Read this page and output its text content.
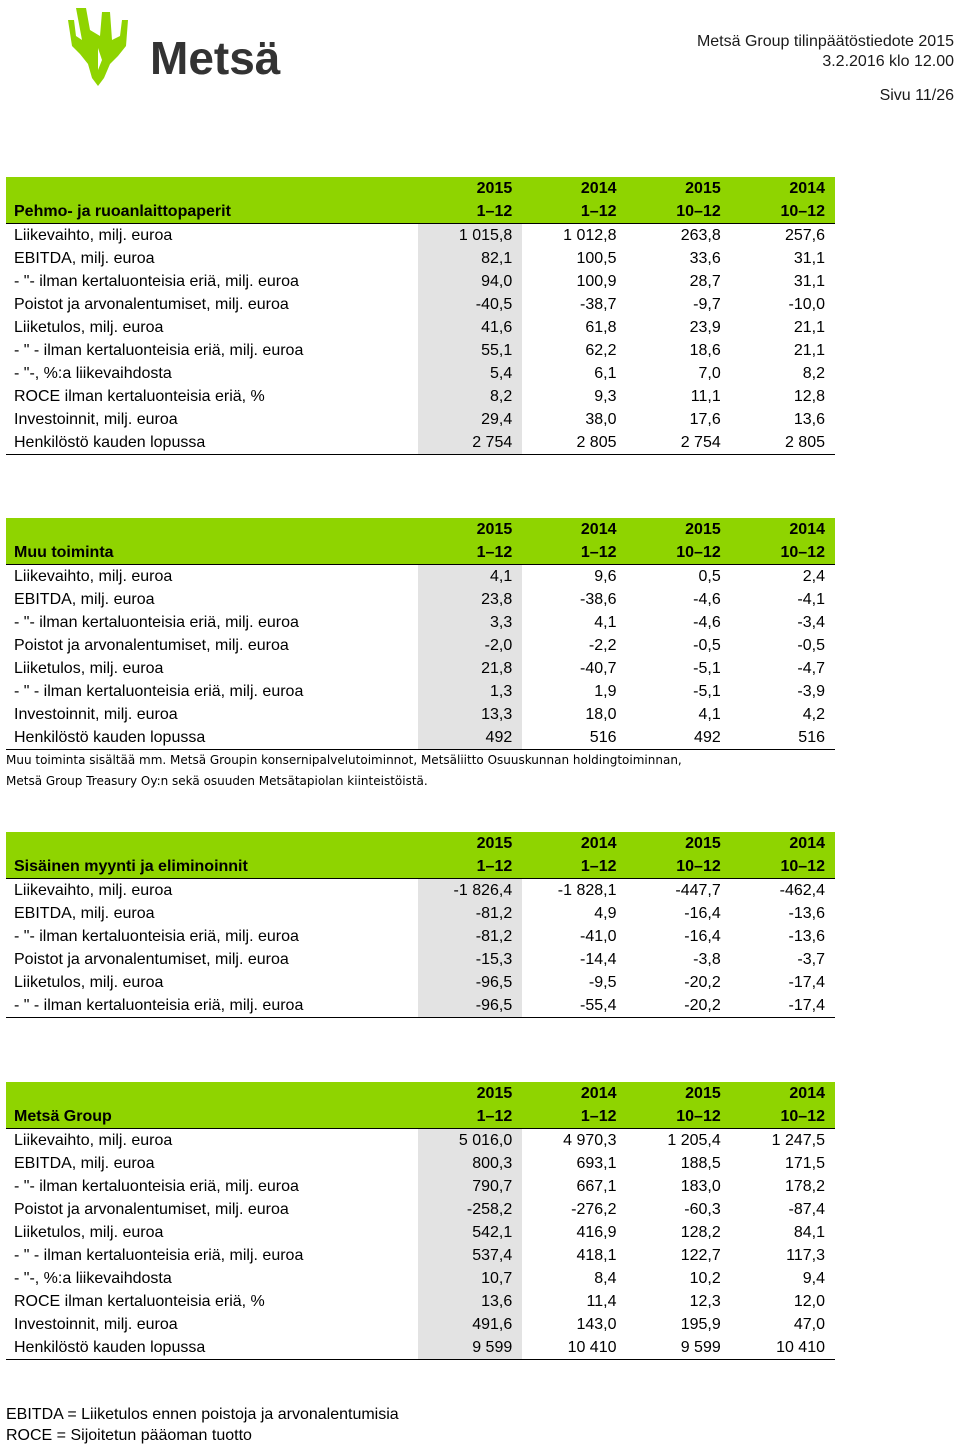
Metsä	Metsä Group tilinpäätöstiedote 2015
3.2.2016 klo 12.00
Sivu 11/26
	2015	2014	2015	2014
Pehmo- ja ruoanlaittopaperit	1–12	1–12	10–12	10–12
Liikevaihto, milj. euroa	1 015,8	1 012,8	263,8	257,6
EBITDA, milj. euroa	82,1	100,5	33,6	31,1
- "- ilman kertaluonteisia eriä, milj. euroa	94,0	100,9	28,7	31,1
Poistot ja arvonalentumiset, milj. euroa	-40,5	-38,7	-9,7	-10,0
Liiketulos, milj. euroa	41,6	61,8	23,9	21,1
- " - ilman kertaluonteisia eriä, milj. euroa	55,1	62,2	18,6	21,1
- "-, %:a liikevaihdosta	5,4	6,1	7,0	8,2
ROCE ilman kertaluonteisia eriä, %	8,2	9,3	11,1	12,8
Investoinnit, milj. euroa	29,4	38,0	17,6	13,6
Henkilöstö kauden lopussa	2 754	2 805	2 754	2 805
	2015	2014	2015	2014
Muu toiminta	1–12	1–12	10–12	10–12
Liikevaihto, milj. euroa	4,1	9,6	0,5	2,4
EBITDA, milj. euroa	23,8	-38,6	-4,6	-4,1
- "- ilman kertaluonteisia eriä, milj. euroa	3,3	4,1	-4,6	-3,4
Poistot ja arvonalentumiset, milj. euroa	-2,0	-2,2	-0,5	-0,5
Liiketulos, milj. euroa	21,8	-40,7	-5,1	-4,7
- " - ilman kertaluonteisia eriä, milj. euroa	1,3	1,9	-5,1	-3,9
Investoinnit, milj. euroa	13,3	18,0	4,1	4,2
Henkilöstö kauden lopussa	492	516	492	516
Muu toiminta sisältää mm. Metsä Groupin konsernipalvelutoiminnot, Metsäliitto Osuuskunnan holdingtoiminnan,
Metsä Group Treasury Oy:n sekä osuuden Metsätapiolan kiinteistöistä.
	2015	2014	2015	2014
Sisäinen myynti ja eliminoinnit	1–12	1–12	10–12	10–12
Liikevaihto, milj. euroa	-1 826,4	-1 828,1	-447,7	-462,4
EBITDA, milj. euroa	-81,2	4,9	-16,4	-13,6
- "- ilman kertaluonteisia eriä, milj. euroa	-81,2	-41,0	-16,4	-13,6
Poistot ja arvonalentumiset, milj. euroa	-15,3	-14,4	-3,8	-3,7
Liiketulos, milj. euroa	-96,5	-9,5	-20,2	-17,4
- " - ilman kertaluonteisia eriä, milj. euroa	-96,5	-55,4	-20,2	-17,4
	2015	2014	2015	2014
Metsä Group	1–12	1–12	10–12	10–12
Liikevaihto, milj. euroa	5 016,0	4 970,3	1 205,4	1 247,5
EBITDA, milj. euroa	800,3	693,1	188,5	171,5
- "- ilman kertaluonteisia eriä, milj. euroa	790,7	667,1	183,0	178,2
Poistot ja arvonalentumiset, milj. euroa	-258,2	-276,2	-60,3	-87,4
Liiketulos, milj. euroa	542,1	416,9	128,2	84,1
- " - ilman kertaluonteisia eriä, milj. euroa	537,4	418,1	122,7	117,3
- "-, %:a liikevaihdosta	10,7	8,4	10,2	9,4
ROCE ilman kertaluonteisia eriä, %	13,6	11,4	12,3	12,0
Investoinnit, milj. euroa	491,6	143,0	195,9	47,0
Henkilöstö kauden lopussa	9 599	10 410	9 599	10 410
EBITDA = Liiketulos ennen poistoja ja arvonalentumisia
ROCE = Sijoitetun pääoman tuotto
